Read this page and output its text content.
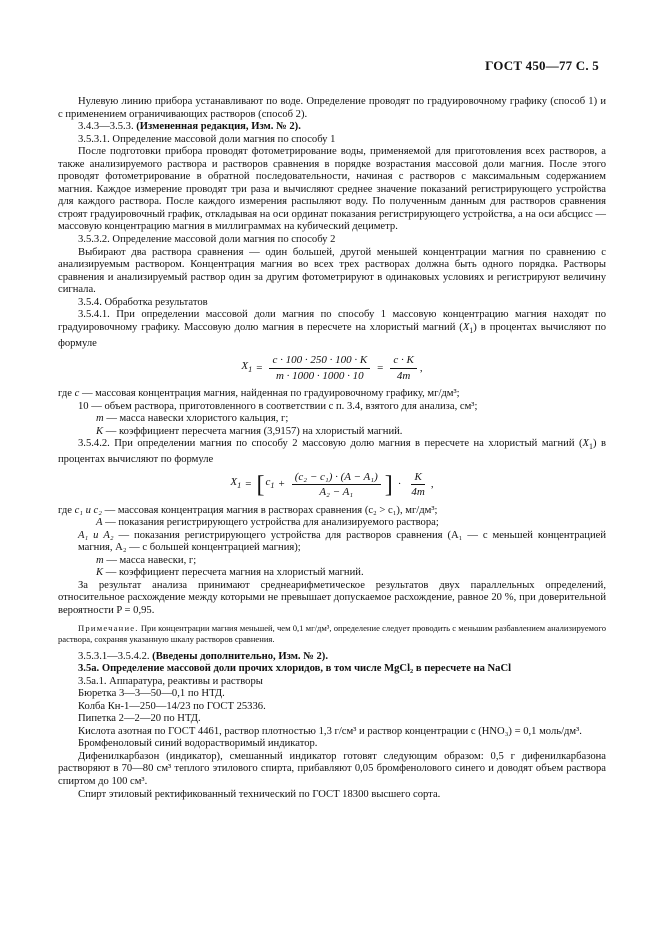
ГОСТ 450—77 С. 5

Нулевую линию прибора устанавливают по воде. Определение проводят по градуировочному графику (способ 1) и с применением ограничивающих растворов (способ 2).

3.4.3—3.5.3. (Измененная редакция, Изм. № 2).

3.5.3.1. Определение массовой доли магния по способу 1

После подготовки прибора проводят фотометрирование воды, применяемой для приготовления всех растворов, а также анализируемого раствора и растворов сравнения в порядке возрастания массовой доли магния. После этого проводят фотометрирование в обратной последовательности, начиная с растворов с максимальным содержанием магния. Каждое измерение проводят три раза и вычисляют среднее значение показаний регистрирующего устройства для каждого раствора. После каждого измерения распыляют воду. По полученным данным для растворов сравнения строят градуировочный график, откладывая на оси ординат показания регистрирующего устройства, а на оси абсцисс — массовую концентрацию магния в миллиграммах на кубический дециметр.

3.5.3.2. Определение массовой доли магния по способу 2

Выбирают два раствора сравнения — один большей, другой меньшей концентрации магния по сравнению с анализируемым раствором. Концентрация магния во всех трех растворах должна быть одного порядка. Растворы сравнения и анализируемый раствор один за другим фотометрируют в одинаковых условиях и регистрируют величину сигнала.

3.5.4. Обработка результатов

3.5.4.1. При определении массовой доли магния по способу 1 массовую концентрацию магния находят по градуировочному графику. Массовую долю магния в пересчете на хлористый магний $(X_1)$ в процентах вычисляют по формуле

$X_1 = \frac{c \cdot 100 \cdot 250 \cdot 100 \cdot K}{m \cdot 1000 \cdot 1000 \cdot 10} = \frac{c \cdot K}{4m}$ ,

где c — массовая концентрация магния, найденная по градуировочному графику, мг/дм³;

10 — объем раствора, приготовленного в соответствии с п. 3.4, взятого для анализа, см³;

m — масса навески хлористого кальция, г;

K — коэффициент пересчета магния (3,9157) на хлористый магний.

3.5.4.2. При определении магния по способу 2 массовую долю магния в пересчете на хлористый магний $(X_1)$ в процентах вычисляют по формуле

$X_1$ = [ $c_1 + \frac{\text{(c₂ − c₁) · (A − A₁)}}{\text{A₂ − A₁}}$ ] · $\frac{K}{4m}$ ,

где c₁ и c₂ — массовая концентрация магния в растворах сравнения (c₂ > c₁), мг/дм³;

A — показания регистрирующего устройства для анализируемого раствора;

A₁ и A₂ — показания регистрирующего устройства для растворов сравнения (A₁ — с меньшей концентрацией магния, A₂ — с большей концентрацией магния);

m — масса навески, г;

K — коэффициент пересчета магния на хлористый магний.

За результат анализа принимают среднеарифметическое результатов двух параллельных определений, относительное расхождение между которыми не превышает допускаемое расхождение, равное 20 %, при доверительной вероятности P = 0,95.

Примечание. При концентрации магния меньшей, чем 0,1 мг/дм³, определение следует проводить с меньшим разбавлением анализируемого раствора, сохраняя указанную шкалу растворов сравнения.

3.5.3.1—3.5.4.2. (Введены дополнительно, Изм. № 2).

3.5а. Определение массовой доли прочих хлоридов, в том числе MgCl₂ в пересчете на NaCl

3.5а.1. Аппаратура, реактивы и растворы

Бюретка 3—3—50—0,1 по НТД.

Колба Кн-1—250—14/23 по ГОСТ 25336.

Пипетка 2—2—20 по НТД.

Кислота азотная по ГОСТ 4461, раствор плотностью 1,3 г/см³ и раствор концентрации c (HNO₃) = 0,1 моль/дм³.

Бромфеноловый синий водорастворимый индикатор.

Дифенилкарбазон (индикатор), смешанный индикатор готовят следующим образом: 0,5 г дифенилкарбазона растворяют в 70—80 см³ теплого этилового спирта, прибавляют 0,05 бромфенолового синего и доводят объем раствора спиртом до 100 см³.

Спирт этиловый ректификованный технический по ГОСТ 18300 высшего сорта.
